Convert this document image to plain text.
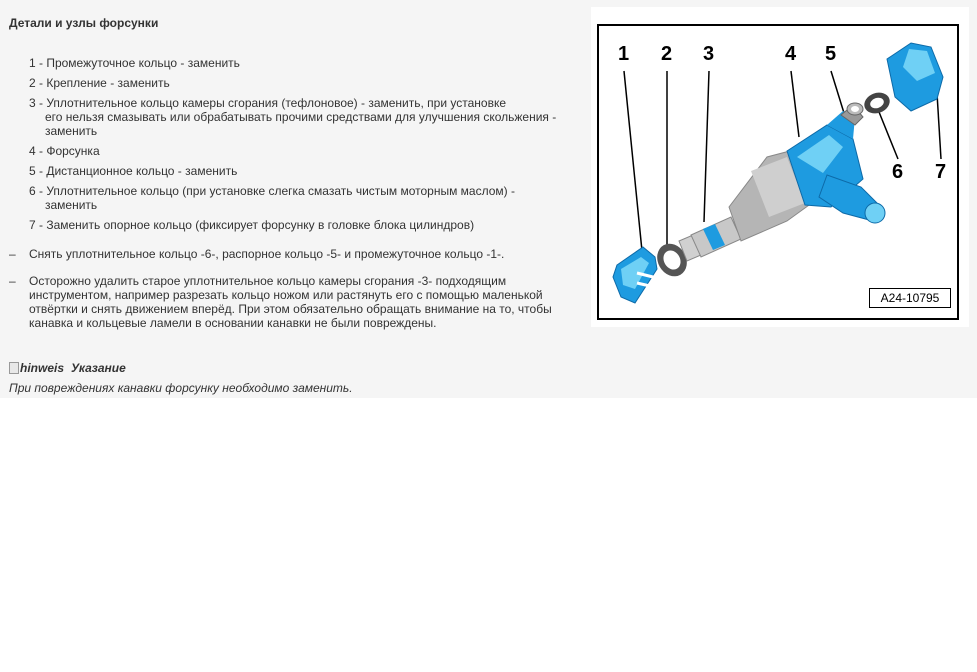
Детали и узлы форсунки
1 - Промежуточное кольцо - заменить
2 - Крепление - заменить
3 - Уплотнительное кольцо камеры сгорания (тефлоновое) - заменить, при установке
его нельзя смазывать или обрабатывать прочими средствами для улучшения скольжения - заменить
4 - Форсунка
5 - Дистанционное кольцо - заменить
6 - Уплотнительное кольцо (при установке слегка смазать чистым моторным маслом) -
заменить
7 - Заменить опорное кольцо (фиксирует форсунку в головке блока цилиндров)
– Снять уплотнительное кольцо -6-, распорное кольцо -5- и промежуточное кольцо -1-.
– Осторожно удалить старое уплотнительное кольцо камеры сгорания -3- подходящим инструментом, например разрезать кольцо ножом или растянуть его с помощью маленькой отвёртки и снять движением вперёд. При этом обязательно обращать внимание на то, чтобы канавка и кольцевые ламели в основании канавки не были повреждены.
hinweis Указание
При повреждениях канавки форсунку необходимо заменить.
1 2 3	4 5
6 7
A24-10795
